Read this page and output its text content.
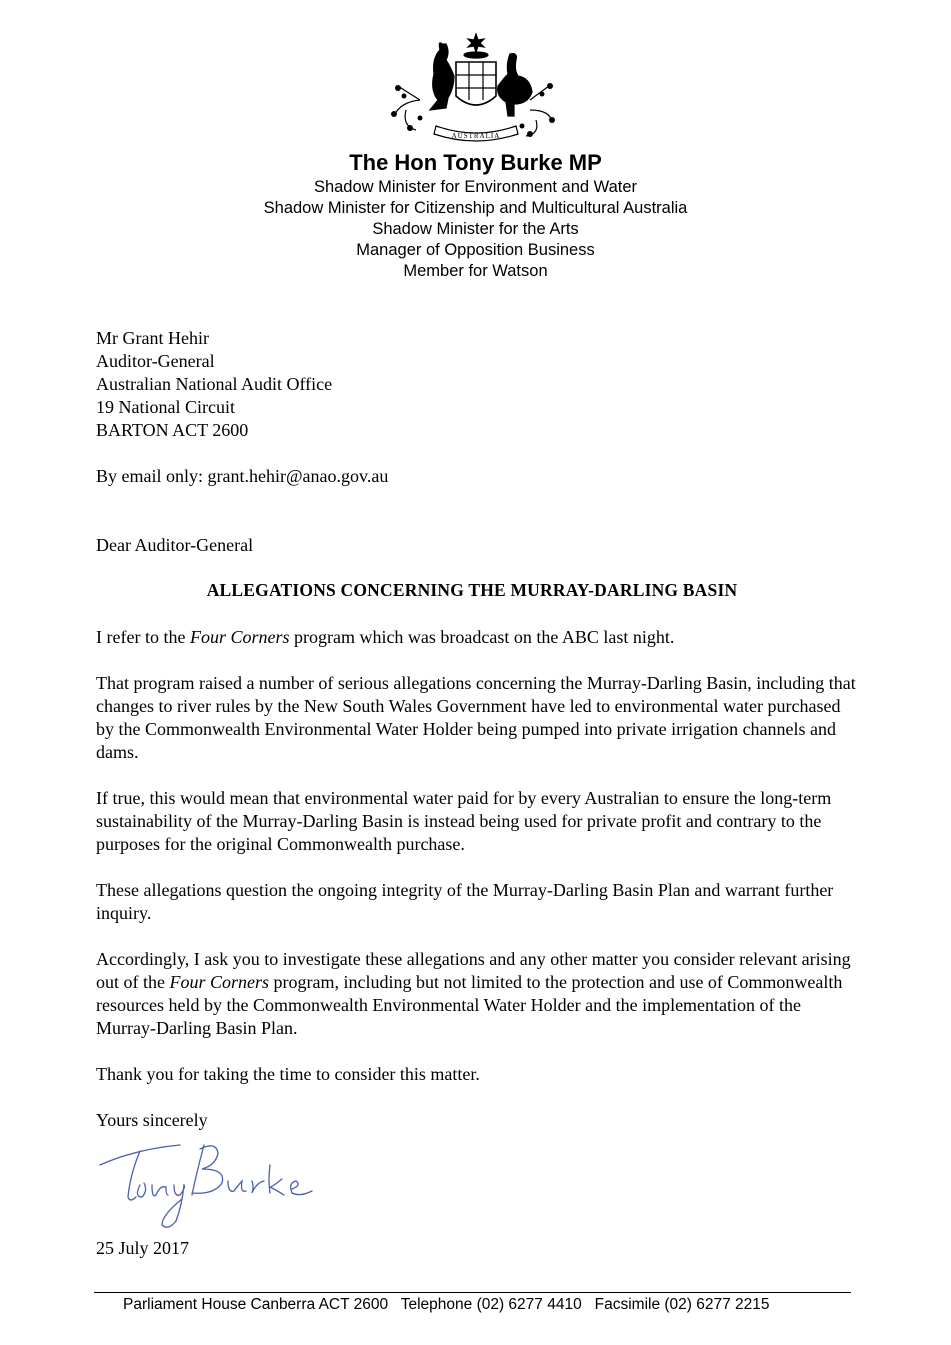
AUSTRALIA
The Hon Tony Burke MP
Shadow Minister for Environment and Water
Shadow Minister for Citizenship and Multicultural Australia
Shadow Minister for the Arts
Manager of Opposition Business
Member for Watson
Mr Grant Hehir
Auditor-General
Australian National Audit Office
19 National Circuit
BARTON ACT 2600
By email only: grant.hehir@anao.gov.au
Dear Auditor-General
ALLEGATIONS CONCERNING THE MURRAY-DARLING BASIN
I refer to the Four Corners program which was broadcast on the ABC last night.
That program raised a number of serious allegations concerning the Murray-Darling Basin, including that changes to river rules by the New South Wales Government have led to environmental water purchased by the Commonwealth Environmental Water Holder being pumped into private irrigation channels and dams.
If true, this would mean that environmental water paid for by every Australian to ensure the long-term sustainability of the Murray-Darling Basin is instead being used for private profit and contrary to the purposes for the original Commonwealth purchase.
These allegations question the ongoing integrity of the Murray-Darling Basin Plan and warrant further inquiry.
Accordingly, I ask you to investigate these allegations and any other matter you consider relevant arising out of the Four Corners program, including but not limited to the protection and use of Commonwealth resources held by the Commonwealth Environmental Water Holder and the implementation of the Murray-Darling Basin Plan.
Thank you for taking the time to consider this matter.
Yours sincerely
25 July 2017
Parliament House Canberra ACT 2600   Telephone (02) 6277 4410   Facsimile (02) 6277 2215
